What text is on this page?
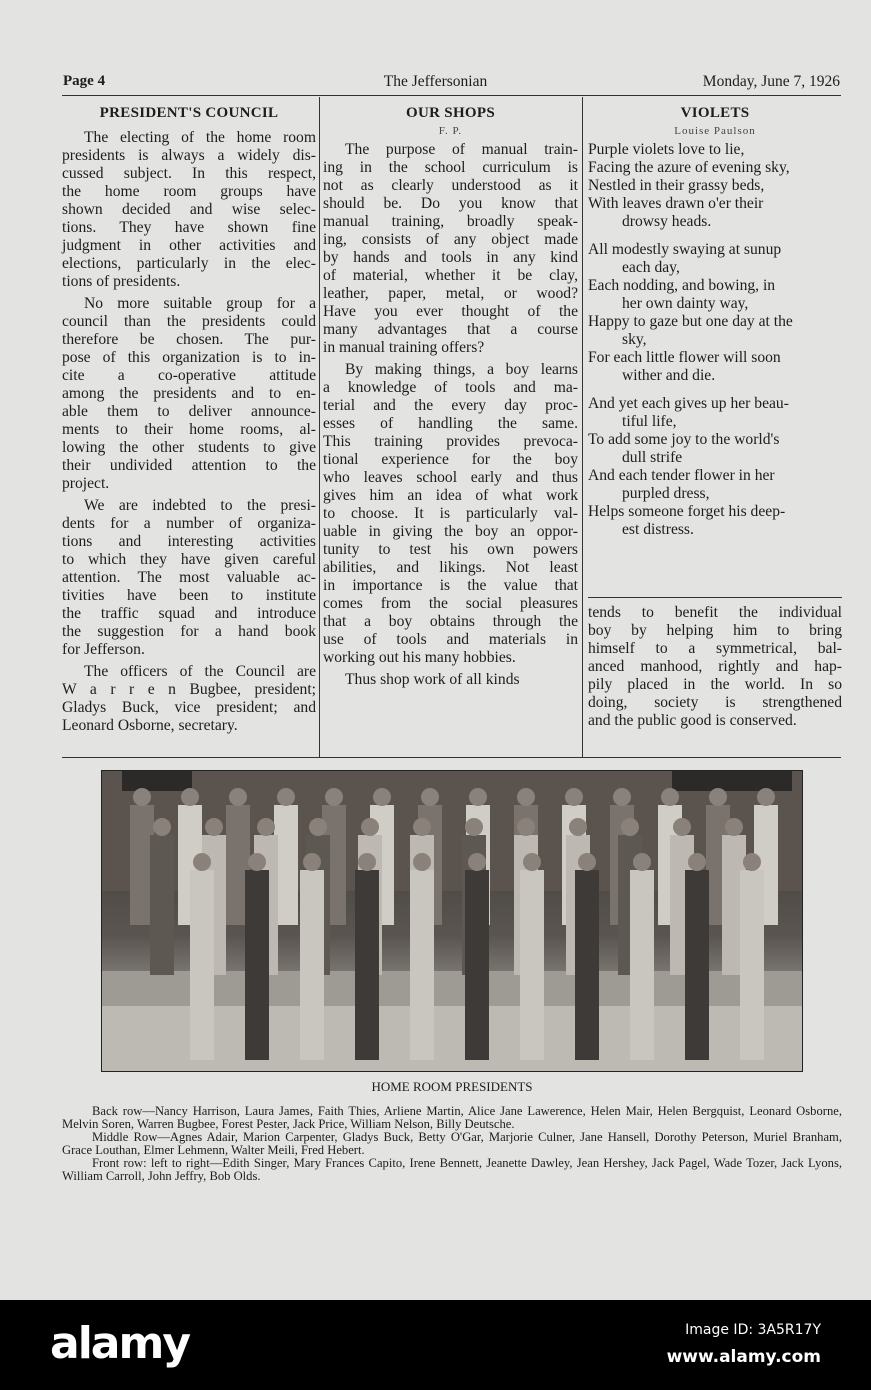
Page 4	The Jeffersonian	Monday, June 7, 1926
PRESIDENT'S COUNCIL
The electing of the home room
presidents is always a widely dis-
cussed subject. In this respect,
the home room groups have
shown decided and wise selec-
tions. They have shown fine
judgment in other activities and
elections, particularly in the elec-
tions of presidents.
No more suitable group for a
council than the presidents could
therefore be chosen. The pur-
pose of this organization is to in-
cite a co-operative attitude
among the presidents and to en-
able them to deliver announce-
ments to their home rooms, al-
lowing the other students to give
their undivided attention to the
project.
We are indebted to the presi-
dents for a number of organiza-
tions and interesting activities
to which they have given careful
attention. The most valuable ac-
tivities have been to institute
the traffic squad and introduce
the suggestion for a hand book
for Jefferson.
The officers of the Council are
W a r r e n Bugbee, president;
Gladys Buck, vice president; and
Leonard Osborne, secretary.
OUR SHOPS
F. P.
The purpose of manual train-
ing in the school curriculum is
not as clearly understood as it
should be. Do you know that
manual training, broadly speak-
ing, consists of any object made
by hands and tools in any kind
of material, whether it be clay,
leather, paper, metal, or wood?
Have you ever thought of the
many advantages that a course
in manual training offers?
By making things, a boy learns
a knowledge of tools and ma-
terial and the every day proc-
esses of handling the same.
This training provides prevoca-
tional experience for the boy
who leaves school early and thus
gives him an idea of what work
to choose. It is particularly val-
uable in giving the boy an oppor-
tunity to test his own powers
abilities, and likings. Not least
in importance is the value that
comes from the social pleasures
that a boy obtains through the
use of tools and materials in
working out his many hobbies.
Thus shop work of all kinds
VIOLETS
Louise Paulson
Purple violets love to lie,
Facing the azure of evening sky,
Nestled in their grassy beds,
With leaves drawn o'er their
drowsy heads.
All modestly swaying at sunup
each day,
Each nodding, and bowing, in
her own dainty way,
Happy to gaze but one day at the
sky,
For each little flower will soon
wither and die.
And yet each gives up her beau-
tiful life,
To add some joy to the world's
dull strife
And each tender flower in her
purpled dress,
Helps someone forget his deep-
est distress.
tends to benefit the individual
boy by helping him to bring
himself to a symmetrical, bal-
anced manhood, rightly and hap-
pily placed in the world. In so
doing, society is strengthened
and the public good is conserved.
HOME ROOM PRESIDENTS
Back row—Nancy Harrison, Laura James, Faith Thies, Arliene Martin, Alice Jane Lawerence, Helen Mair, Helen Bergquist, Leonard Osborne, Melvin Soren, Warren Bugbee, Forest Pester, Jack Price, William Nelson, Billy Deutsche.
Middle Row—Agnes Adair, Marion Carpenter, Gladys Buck, Betty O'Gar, Marjorie Culner, Jane Hansell, Dorothy Peterson, Muriel Branham, Grace Louthan, Elmer Lehmenn, Walter Meili, Fred Hebert.
Front row: left to right—Edith Singer, Mary Frances Capito, Irene Bennett, Jeanette Dawley, Jean Hershey, Jack Pagel, Wade Tozer, Jack Lyons, William Carroll, John Jeffry, Bob Olds.
alamy	Image ID: 3A5R17Y
www.alamy.com
